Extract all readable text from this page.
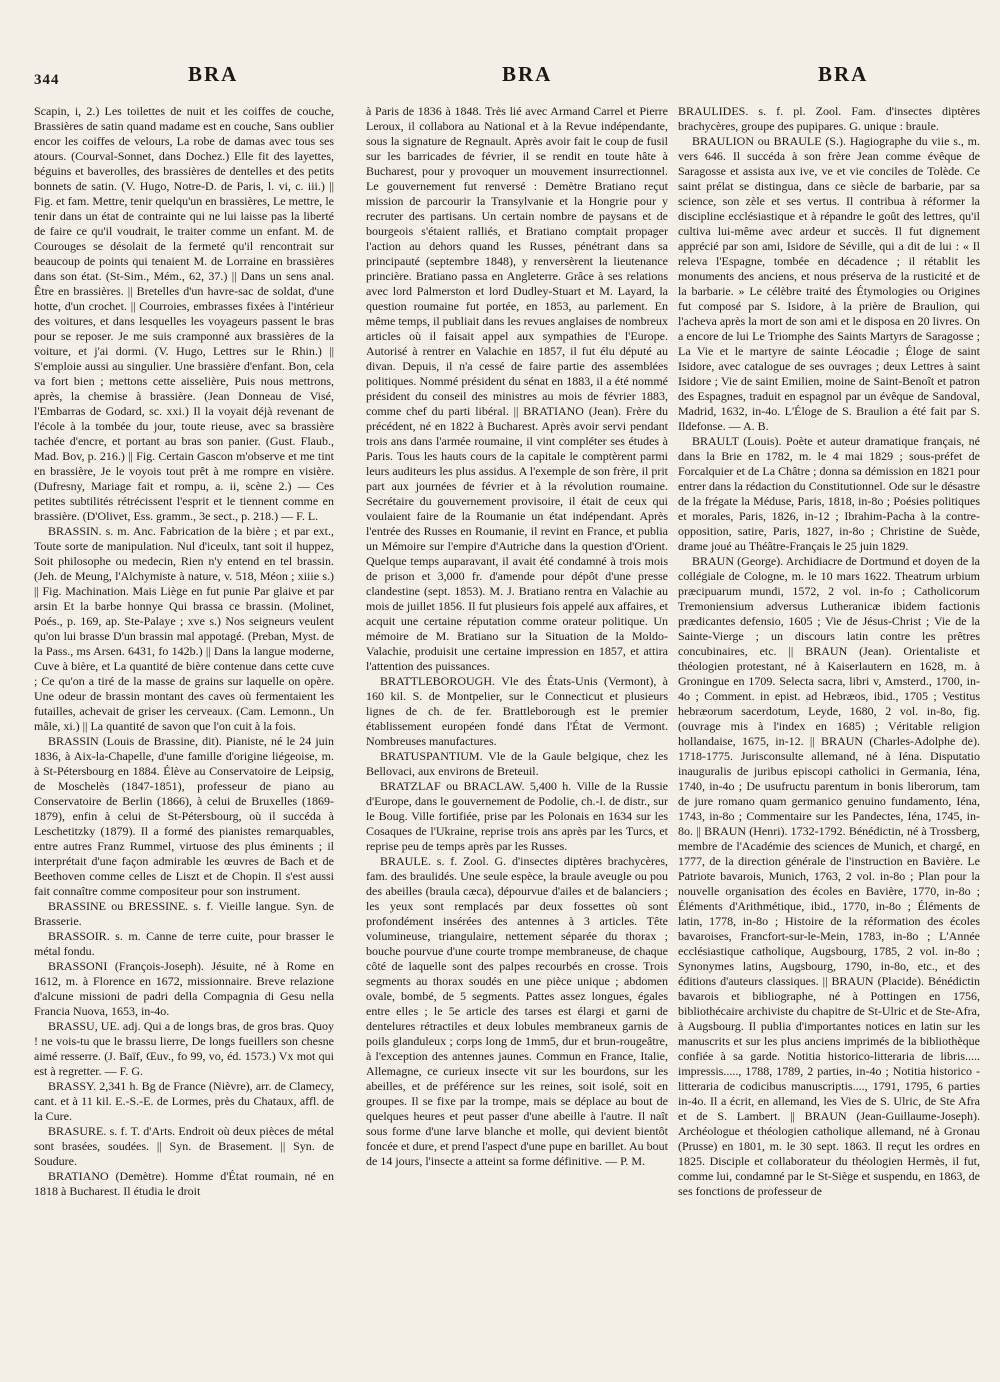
344	BRA	BRA	BRA

Scapin, i, 2.) Les toilettes de nuit et les coiffes de couche, Brassières de satin quand madame est en couche, Sans oublier encor les coiffes de velours, La robe de damas avec tous ses atours. (Courval-Sonnet, dans Dochez.) Elle fit des layettes, béguins et baverolles, des brassières de dentelles et des petits bonnets de satin. (V. Hugo, Notre-D. de Paris, l. vi, c. iii.) || Fig. et fam. Mettre, tenir quelqu'un en brassières, Le mettre, le tenir dans un état de contrainte qui ne lui laisse pas la liberté de faire ce qu'il voudrait, le traiter comme un enfant. M. de Courouges se désolait de la fermeté qu'il rencontrait sur beaucoup de points qui tenaient M. de Lorraine en brassières dans son état. (St-Sim., Mém., 62, 37.) || Dans un sens anal. Être en brassières. || Bretelles d'un havre-sac de soldat, d'une hotte, d'un crochet. || Courroies, embrasses fixées à l'intérieur des voitures, et dans lesquelles les voyageurs passent le bras pour se reposer. Je me suis cramponné aux brassières de la voiture, et j'ai dormi. (V. Hugo, Lettres sur le Rhin.) || S'emploie aussi au singulier. Une brassière d'enfant. Bon, cela va fort bien ; mettons cette aisselière, Puis nous mettrons, après, la chemise à brassière. (Jean Donneau de Visé, l'Embarras de Godard, sc. xxi.) Il la voyait déjà revenant de l'école à la tombée du jour, toute rieuse, avec sa brassière tachée d'encre, et portant au bras son panier. (Gust. Flaub., Mad. Bov, p. 216.) || Fig. Certain Gascon m'observe et me tint en brassière, Je le voyois tout prêt à me rompre en visière. (Dufresny, Mariage fait et rompu, a. ii, scène 2.) — Ces petites subtilités rétrécissent l'esprit et le tiennent comme en brassière. (D'Olivet, Ess. gramm., 3e sect., p. 218.) — F. L.

BRASSIN. s. m. Anc. Fabrication de la bière ; et par ext., Toute sorte de manipulation. Nul d'iceulx, tant soit il huppez, Soit philosophe ou medecin, Rien n'y entend en tel brassin. (Jeh. de Meung, l'Alchymiste à nature, v. 518, Méon ; xiiie s.) || Fig. Machination. Mais Liège en fut punie Par glaive et par arsin Et la barbe honnye Qui brassa ce brassin. (Molinet, Poés., p. 169, ap. Ste-Palaye ; xve s.) Nos seigneurs veulent qu'on lui brasse D'un brassin mal appotagé. (Preban, Myst. de la Pass., ms Arsen. 6431, fo 142b.) || Dans la langue moderne, Cuve à bière, et La quantité de bière contenue dans cette cuve ; Ce qu'on a tiré de la masse de grains sur laquelle on opère. Une odeur de brassin montant des caves où fermentaient les futailles, achevait de griser les cerveaux. (Cam. Lemonn., Un mâle, xi.) || La quantité de savon que l'on cuit à la fois.

BRASSIN (Louis de Brassine, dit). Pianiste, né le 24 juin 1836, à Aix-la-Chapelle, d'une famille d'origine liégeoise, m. à St-Pétersbourg en 1884. Élève au Conservatoire de Leipsig, de Moschelès (1847-1851), professeur de piano au Conservatoire de Berlin (1866), à celui de Bruxelles (1869-1879), enfin à celui de St-Pétersbourg, où il succéda à Leschetitzky (1879). Il a formé des pianistes remarquables, entre autres Franz Rummel, virtuose des plus éminents ; il interprétait d'une façon admirable les œuvres de Bach et de Beethoven comme celles de Liszt et de Chopin. Il s'est aussi fait connaître comme compositeur pour son instrument.

BRASSINE ou BRESSINE. s. f. Vieille langue. Syn. de Brasserie.

BRASSOIR. s. m. Canne de terre cuite, pour brasser le métal fondu.

BRASSONI (François-Joseph). Jésuite, né à Rome en 1612, m. à Florence en 1672, missionnaire. Breve relazione d'alcune missioni de padri della Compagnia di Gesu nella Francia Nuova, 1653, in-4o.

BRASSU, UE. adj. Qui a de longs bras, de gros bras. Quoy ! ne vois-tu que le brassu lierre, De longs fueillers son chesne aimé resserre. (J. Baïf, Œuv., fo 99, vo, éd. 1573.) Vx mot qui est à regretter. — F. G.

BRASSY. 2,341 h. Bg de France (Nièvre), arr. de Clamecy, cant. et à 11 kil. E.-S.-E. de Lormes, près du Chataux, affl. de la Cure.

BRASURE. s. f. T. d'Arts. Endroit où deux pièces de métal sont brasées, soudées. || Syn. de Brasement. || Syn. de Soudure.

BRATIANO (Demètre). Homme d'État roumain, né en 1818 à Bucharest. Il étudia le droit

à Paris de 1836 à 1848. Très lié avec Armand Carrel et Pierre Leroux, il collabora au National et à la Revue indépendante, sous la signature de Regnault. Après avoir fait le coup de fusil sur les barricades de février, il se rendit en toute hâte à Bucharest, pour y provoquer un mouvement insurrectionnel. Le gouvernement fut renversé : Demètre Bratiano reçut mission de parcourir la Transylvanie et la Hongrie pour y recruter des partisans. Un certain nombre de paysans et de bourgeois s'étaient ralliés, et Bratiano comptait propager l'action au dehors quand les Russes, pénétrant dans sa principauté (septembre 1848), y renversèrent la lieutenance princière. Bratiano passa en Angleterre. Grâce à ses relations avec lord Palmerston et lord Dudley-Stuart et M. Layard, la question roumaine fut portée, en 1853, au parlement. En même temps, il publiait dans les revues anglaises de nombreux articles où il faisait appel aux sympathies de l'Europe. Autorisé à rentrer en Valachie en 1857, il fut élu député au divan. Depuis, il n'a cessé de faire partie des assemblées politiques. Nommé président du sénat en 1883, il a été nommé président du conseil des ministres au mois de février 1883, comme chef du parti libéral. || BRATIANO (Jean). Frère du précédent, né en 1822 à Bucharest. Après avoir servi pendant trois ans dans l'armée roumaine, il vint compléter ses études à Paris. Tous les hauts cours de la capitale le comptèrent parmi leurs auditeurs les plus assidus. A l'exemple de son frère, il prit part aux journées de février et à la révolution roumaine. Secrétaire du gouvernement provisoire, il était de ceux qui voulaient faire de la Roumanie un état indépendant. Après l'entrée des Russes en Roumanie, il revint en France, et publia un Mémoire sur l'empire d'Autriche dans la question d'Orient. Quelque temps auparavant, il avait été condamné à trois mois de prison et 3,000 fr. d'amende pour dépôt d'une presse clandestine (sept. 1853). M. J. Bratiano rentra en Valachie au mois de juillet 1856. Il fut plusieurs fois appelé aux affaires, et acquit une certaine réputation comme orateur politique. Un mémoire de M. Bratiano sur la Situation de la Moldo-Valachie, produisit une certaine impression en 1857, et attira l'attention des puissances.

BRATTLEBOROUGH. Vle des États-Unis (Vermont), à 160 kil. S. de Montpelier, sur le Connecticut et plusieurs lignes de ch. de fer. Brattleborough est le premier établissement européen fondé dans l'État de Vermont. Nombreuses manufactures.

BRATUSPANTIUM. Vle de la Gaule belgique, chez les Bellovaci, aux environs de Breteuil.

BRATZLAF ou BRACLAW. 5,400 h. Ville de la Russie d'Europe, dans le gouvernement de Podolie, ch.-l. de distr., sur le Boug. Ville fortifiée, prise par les Polonais en 1634 sur les Cosaques de l'Ukraine, reprise trois ans après par les Turcs, et reprise peu de temps après par les Russes.

BRAULE. s. f. Zool. G. d'insectes diptères brachycères, fam. des braulidés. Une seule espèce, la braule aveugle ou pou des abeilles (braula cæca), dépourvue d'ailes et de balanciers ; les yeux sont remplacés par deux fossettes où sont profondément insérées des antennes à 3 articles. Tête volumineuse, triangulaire, nettement séparée du thorax ; bouche pourvue d'une courte trompe membraneuse, de chaque côté de laquelle sont des palpes recourbés en crosse. Trois segments au thorax soudés en une pièce unique ; abdomen ovale, bombé, de 5 segments. Pattes assez longues, égales entre elles ; le 5e article des tarses est élargi et garni de dentelures rétractiles et deux lobules membraneux garnis de poils glanduleux ; corps long de 1mm5, dur et brun-rougeâtre, à l'exception des antennes jaunes. Commun en France, Italie, Allemagne, ce curieux insecte vit sur les bourdons, sur les abeilles, et de préférence sur les reines, soit isolé, soit en groupes. Il se fixe par la trompe, mais se déplace au bout de quelques heures et peut passer d'une abeille à l'autre. Il naît sous forme d'une larve blanche et molle, qui devient bientôt foncée et dure, et prend l'aspect d'une pupe en barillet. Au bout de 14 jours, l'insecte a atteint sa forme définitive. — P. M.

BRAULIDES. s. f. pl. Zool. Fam. d'insectes diptères brachycères, groupe des pupipares. G. unique : braule.

BRAULION ou BRAULE (S.). Hagiographe du viie s., m. vers 646. Il succéda à son frère Jean comme évêque de Saragosse et assista aux ive, ve et vie conciles de Tolède. Ce saint prélat se distingua, dans ce siècle de barbarie, par sa science, son zèle et ses vertus. Il contribua à réformer la discipline ecclésiastique et à répandre le goût des lettres, qu'il cultiva lui-même avec ardeur et succès. Il fut dignement apprécié par son ami, Isidore de Séville, qui a dit de lui : « Il releva l'Espagne, tombée en décadence ; il rétablit les monuments des anciens, et nous préserva de la rusticité et de la barbarie. » Le célèbre traité des Étymologies ou Origines fut composé par S. Isidore, à la prière de Braulion, qui l'acheva après la mort de son ami et le disposa en 20 livres. On a encore de lui Le Triomphe des Saints Martyrs de Saragosse ; La Vie et le martyre de sainte Léocadie ; Éloge de saint Isidore, avec catalogue de ses ouvrages ; deux Lettres à saint Isidore ; Vie de saint Emilien, moine de Saint-Benoît et patron des Espagnes, traduit en espagnol par un évêque de Sandoval, Madrid, 1632, in-4o. L'Éloge de S. Braulion a été fait par S. Ildefonse. — A. B.

BRAULT (Louis). Poète et auteur dramatique français, né dans la Brie en 1782, m. le 4 mai 1829 ; sous-préfet de Forcalquier et de La Châtre ; donna sa démission en 1821 pour entrer dans la rédaction du Constitutionnel. Ode sur le désastre de la frégate la Méduse, Paris, 1818, in-8o ; Poésies politiques et morales, Paris, 1826, in-12 ; Ibrahim-Pacha à la contre-opposition, satire, Paris, 1827, in-8o ; Christine de Suède, drame joué au Théâtre-Français le 25 juin 1829.

BRAUN (George). Archidiacre de Dortmund et doyen de la collégiale de Cologne, m. le 10 mars 1622. Theatrum urbium præcipuarum mundi, 1572, 2 vol. in-fo ; Catholicorum Tremoniensium adversus Lutheranicæ ibidem factionis prædicantes defensio, 1605 ; Vie de Jésus-Christ ; Vie de la Sainte-Vierge ; un discours latin contre les prêtres concubinaires, etc. || BRAUN (Jean). Orientaliste et théologien protestant, né à Kaiserlautern en 1628, m. à Groningue en 1709. Selecta sacra, libri v, Amsterd., 1700, in-4o ; Comment. in epist. ad Hebræos, ibid., 1705 ; Vestitus hebræorum sacerdotum, Leyde, 1680, 2 vol. in-8o, fig. (ouvrage mis à l'index en 1685) ; Véritable religion hollandaise, 1675, in-12. || BRAUN (Charles-Adolphe de). 1718-1775. Jurisconsulte allemand, né à Iéna. Disputatio inauguralis de juribus episcopi catholici in Germania, Iéna, 1740, in-4o ; De usufructu parentum in bonis liberorum, tam de jure romano quam germanico genuino fundamento, Iéna, 1743, in-8o ; Commentaire sur les Pandectes, Iéna, 1745, in-8o. || BRAUN (Henri). 1732-1792. Bénédictin, né à Trossberg, membre de l'Académie des sciences de Munich, et chargé, en 1777, de la direction générale de l'instruction en Bavière. Le Patriote bavarois, Munich, 1763, 2 vol. in-8o ; Plan pour la nouvelle organisation des écoles en Bavière, 1770, in-8o ; Éléments d'Arithmétique, ibid., 1770, in-8o ; Éléments de latin, 1778, in-8o ; Histoire de la réformation des écoles bavaroises, Francfort-sur-le-Mein, 1783, in-8o ; L'Année ecclésiastique catholique, Augsbourg, 1785, 2 vol. in-8o ; Synonymes latins, Augsbourg, 1790, in-8o, etc., et des éditions d'auteurs classiques. || BRAUN (Placide). Bénédictin bavarois et bibliographe, né à Pottingen en 1756, bibliothécaire archiviste du chapitre de St-Ulric et de Ste-Afra, à Augsbourg. Il publia d'importantes notices en latin sur les manuscrits et sur les plus anciens imprimés de la bibliothèque confiée à sa garde. Notitia historico-litteraria de libris..... impressis....., 1788, 1789, 2 parties, in-4o ; Notitia historico - litteraria de codicibus manuscriptis...., 1791, 1795, 6 parties in-4o. Il a écrit, en allemand, les Vies de S. Ulric, de Ste Afra et de S. Lambert. || BRAUN (Jean-Guillaume-Joseph). Archéologue et théologien catholique allemand, né à Gronau (Prusse) en 1801, m. le 30 sept. 1863. Il reçut les ordres en 1825. Disciple et collaborateur du théologien Hermès, il fut, comme lui, condamné par le St-Siège et suspendu, en 1863, de ses fonctions de professeur de
